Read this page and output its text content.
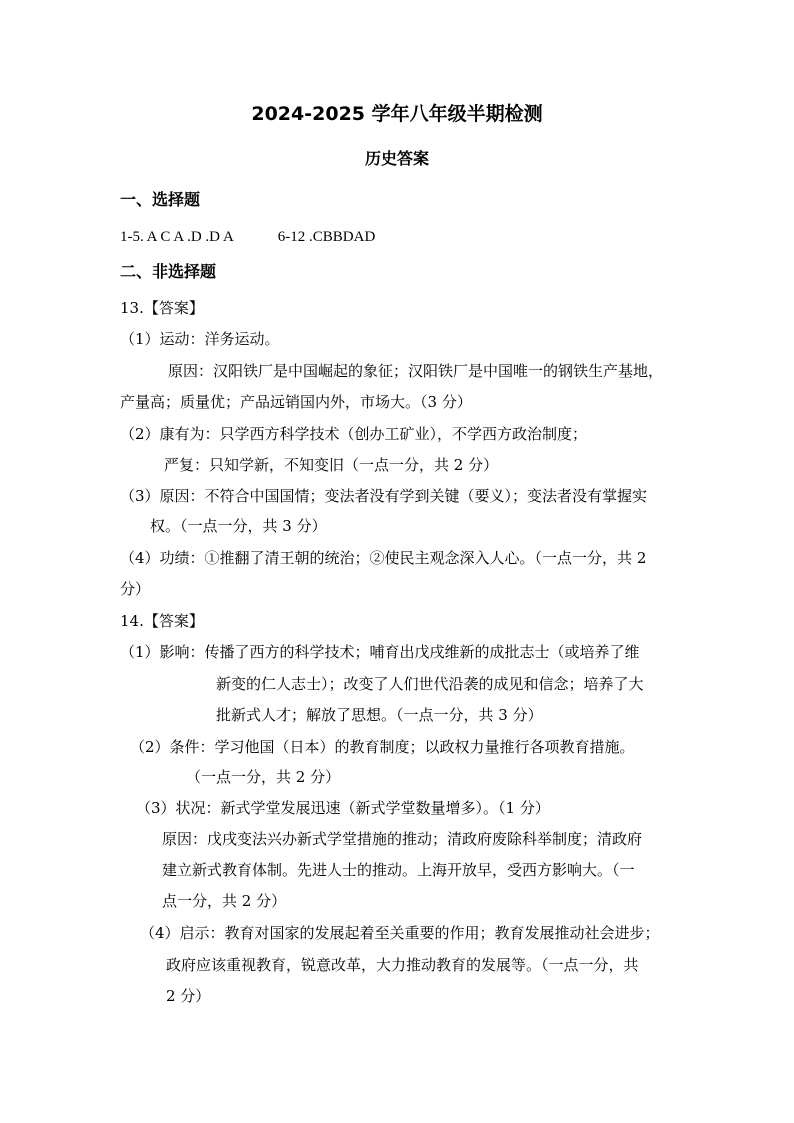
2024-2025 学年八年级半期检测
历史答案
一、选择题
1-5. A C A .D .D A	6-12 .CBBDAD
二、非选择题
13.【答案】
（1）运动：洋务运动。
原因：汉阳铁厂是中国崛起的象征；汉阳铁厂是中国唯一的钢铁生产基地，
产量高；质量优；产品远销国内外，市场大。（3 分）
（2）康有为：只学西方科学技术（创办工矿业），不学西方政治制度；
严复：只知学新，不知变旧（一点一分，共 2 分）
（3）原因：不符合中国国情；变法者没有学到关键（要义）；变法者没有掌握实
权。（一点一分，共 3 分）
（4）功绩：①推翻了清王朝的统治；②使民主观念深入人心。（一点一分，共 2
分）
14.【答案】
（1）影响：传播了西方的科学技术；哺育出戊戌维新的成批志士（或培养了维
新变的仁人志士）；改变了人们世代沿袭的成见和信念；培养了大
批新式人才；解放了思想。（一点一分，共 3 分）
（2）条件：学习他国（日本）的教育制度；以政权力量推行各项教育措施。
（一点一分，共 2 分）
（3）状况：新式学堂发展迅速（新式学堂数量增多）。（1 分）
原因：戊戌变法兴办新式学堂措施的推动；清政府废除科举制度；清政府
建立新式教育体制。先进人士的推动。上海开放早，受西方影响大。（一
点一分，共 2 分）
（4）启示：教育对国家的发展起着至关重要的作用；教育发展推动社会进步；
政府应该重视教育，锐意改革，大力推动教育的发展等。（一点一分，共
2 分）
